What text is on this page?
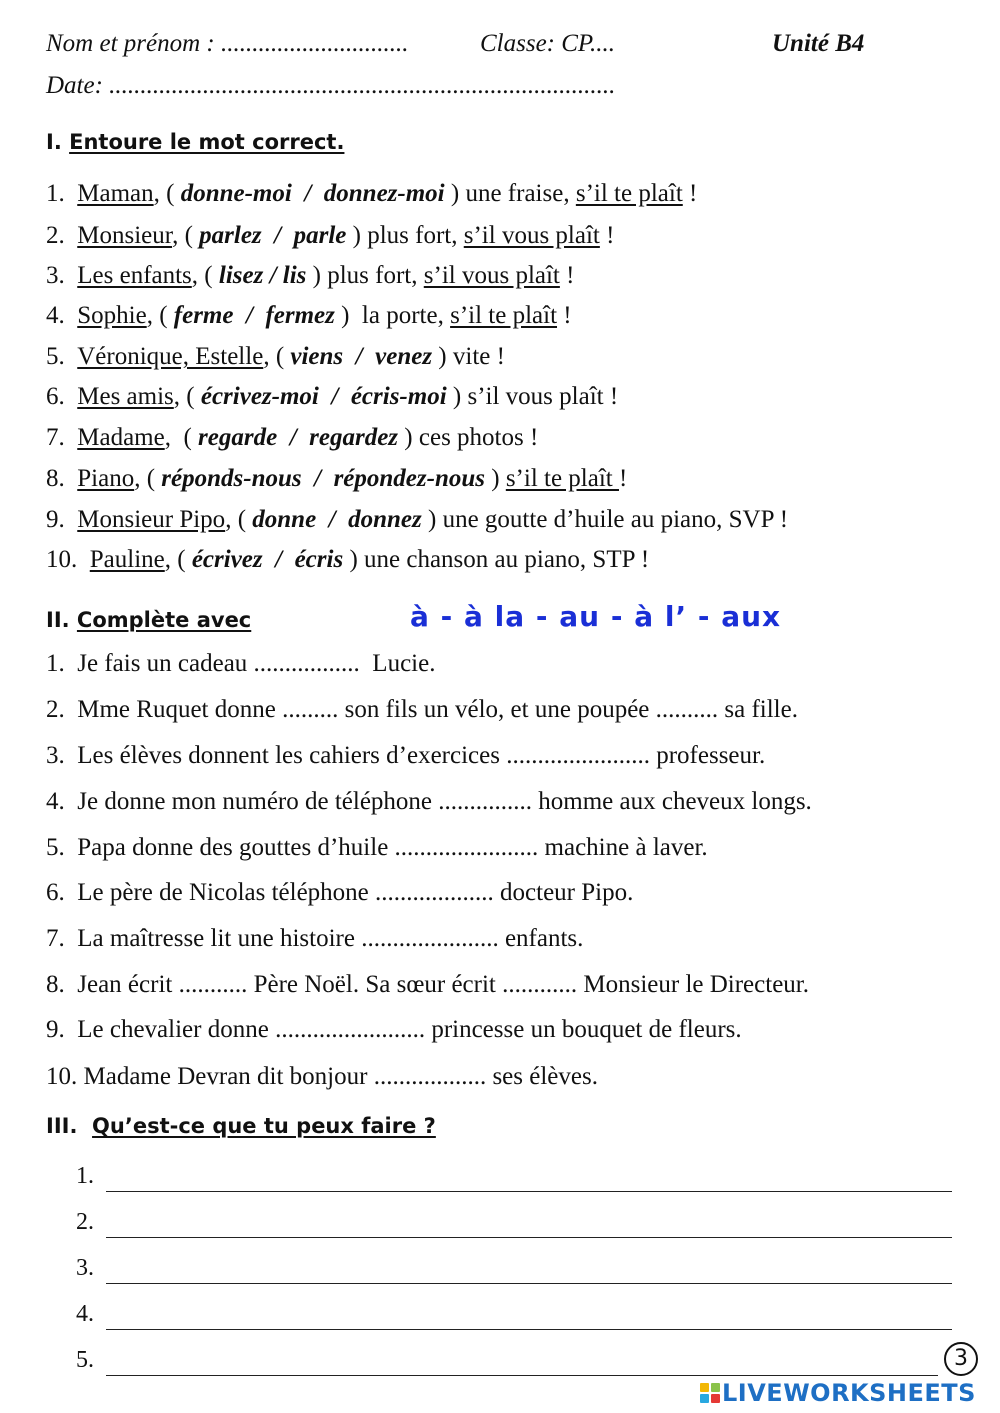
Nom et prénom : ..............................	Classe: CP....	Unité B4
Date: .................................................................................
I. Entoure le mot correct.
1. Maman, ( donne-moi  /  donnez-moi ) une fraise, s’il te plaît !
2. Monsieur, ( parlez  /  parle ) plus fort, s’il vous plaît !
3. Les enfants, ( lisez / lis ) plus fort, s’il vous plaît !
4. Sophie, ( ferme  /  fermez )  la porte, s’il te plaît !
5. Véronique, Estelle, ( viens  /  venez ) vite !
6. Mes amis, ( écrivez-moi  /  écris-moi ) s’il vous plaît !
7. Madame,  ( regarde  /  regardez ) ces photos !
8. Piano, ( réponds-nous  /  répondez-nous ) s’il te plaît !
9. Monsieur Pipo, ( donne  /  donnez ) une goutte d’huile au piano, SVP !
10. Pauline, ( écrivez  /  écris ) une chanson au piano, STP !
II. Complète avec	à - à la - au - à l’ - aux
1.  Je fais un cadeau .................  Lucie.
2.  Mme Ruquet donne ......... son fils un vélo, et une poupée .......... sa fille.
3.  Les élèves donnent les cahiers d’exercices ....................... professeur.
4.  Je donne mon numéro de téléphone ............... homme aux cheveux longs.
5.  Papa donne des gouttes d’huile ....................... machine à laver.
6.  Le père de Nicolas téléphone ................... docteur Pipo.
7.  La maîtresse lit une histoire ...................... enfants.
8.  Jean écrit ........... Père Noël. Sa sœur écrit ............ Monsieur le Directeur.
9.  Le chevalier donne ........................ princesse un bouquet de fleurs.
10. Madame Devran dit bonjour .................. ses élèves.
III. Qu’est-ce que tu peux faire ?
1.
2.
3.
4.
5.	3
LIVEWORKSHEETS
